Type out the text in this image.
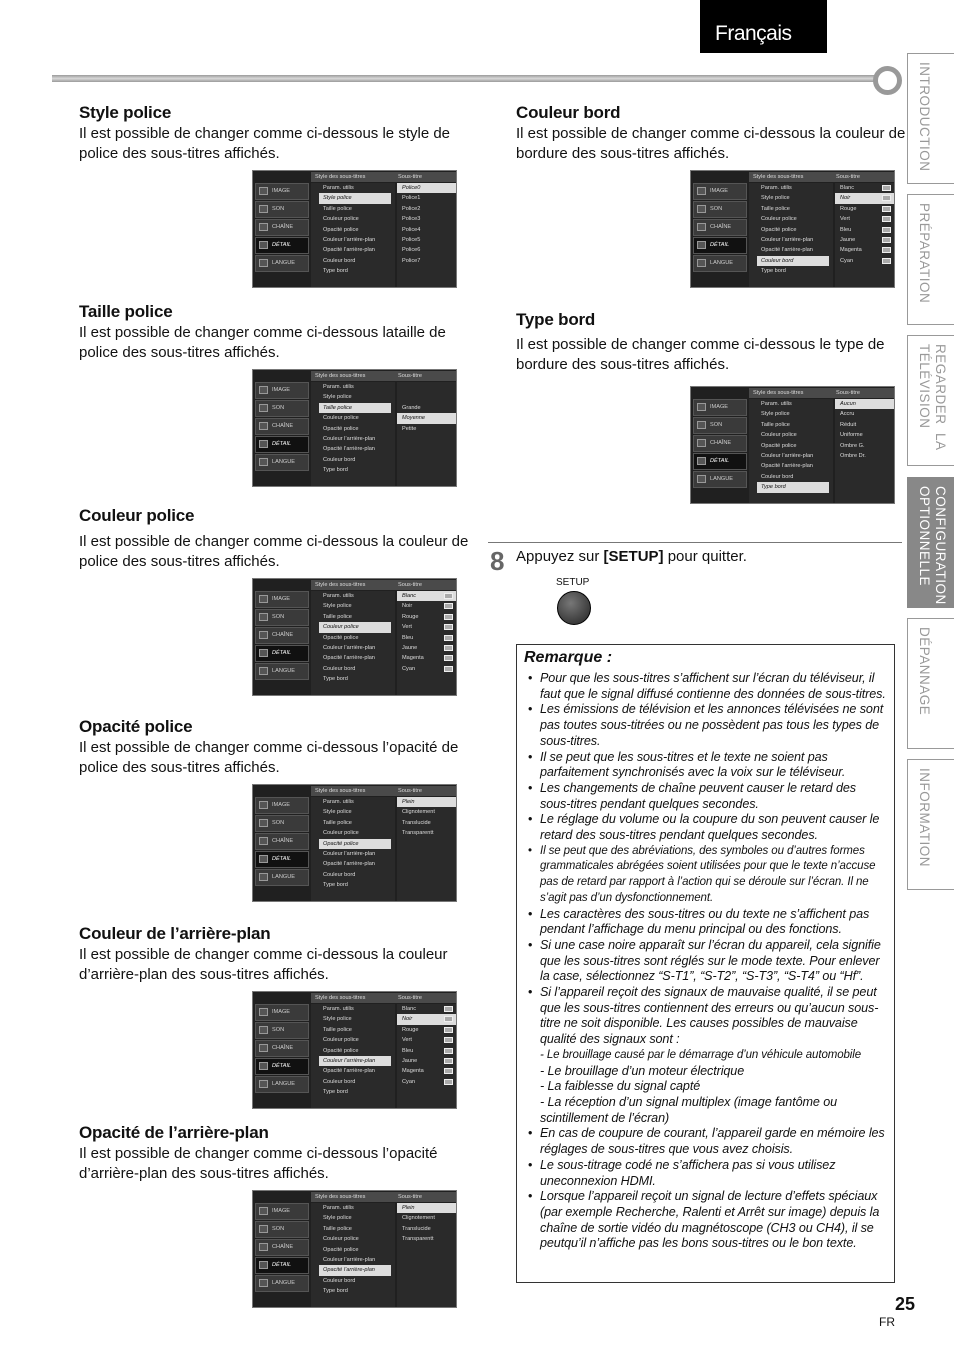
Français
INTRODUCTION
PRÉPARATION
REGARDER  LA
TÉLÉVISION
CONFIGURATION
OPTIONNELLE
DÉPANNAGE
INFORMATION
Style police
Il est possible de changer comme ci-dessous le style de police des sous-titres affichés.
Style des sous-titres	Sous-titre
IMAGE
SON
CHAÎNE
DÉTAIL
LANGUE
Param. utilis
Style police
Taille police
Couleur police
Opacité police
Couleur l’arrière-plan
Opacité l’arrière-plan
Couleur bord
Type bord
Police0
Police1
Police2
Police3
Police4
Police5
Police6
Police7
Taille police
Il est possible de changer comme ci-dessous lataille de police des sous-titres affichés.
Style des sous-titres	Sous-titre
IMAGE
SON
CHAÎNE
DÉTAIL
LANGUE
Param. utilis
Style police
Taille police
Couleur police
Opacité police
Couleur l’arrière-plan
Opacité l’arrière-plan
Couleur bord
Type bord
Grande
Moyenne
Petite
Couleur police
Il est possible de changer comme ci-dessous la couleur de police des sous-titres affichés.
Style des sous-titres	Sous-titre
IMAGE
SON
CHAÎNE
DÉTAIL
LANGUE
Param. utilis
Style police
Taille police
Couleur police
Opacité police
Couleur l’arrière-plan
Opacité l’arrière-plan
Couleur bord
Type bord
Blanc
Noir
Rouge
Vert
Bleu
Jaune
Magenta
Cyan
Opacité police
Il est possible de changer comme ci-dessous l’opacité de police des sous-titres affichés.
Style des sous-titres	Sous-titre
IMAGE
SON
CHAÎNE
DÉTAIL
LANGUE
Param. utilis
Style police
Taille police
Couleur police
Opacité police
Couleur l’arrière-plan
Opacité l’arrière-plan
Couleur bord
Type bord
Plein
Clignotement
Translucide
Transparentt
Couleur de l’arrière-plan
Il est possible de changer comme ci-dessous la couleur d’arrière-plan des sous-titres affichés.
Style des sous-titres	Sous-titre
IMAGE
SON
CHAÎNE
DÉTAIL
LANGUE
Param. utilis
Style police
Taille police
Couleur police
Opacité police
Couleur l’arrière-plan
Opacité l’arrière-plan
Couleur bord
Type bord
Blanc
Noir
Rouge
Vert
Bleu
Jaune
Magenta
Cyan
Opacité de l’arrière-plan
Il est possible de changer comme ci-dessous l’opacité d’arrière-plan des sous-titres affichés.
Style des sous-titres	Sous-titre
IMAGE
SON
CHAÎNE
DÉTAIL
LANGUE
Param. utilis
Style police
Taille police
Couleur police
Opacité police
Couleur l’arrière-plan
Opacité l’arrière-plan
Couleur bord
Type bord
Plein
Clignotement
Translucide
Transparentt
Couleur bord
Il est possible de changer comme ci-dessous la couleur de bordure des sous-titres affichés.
Style des sous-titres	Sous-titre
IMAGE
SON
CHAÎNE
DÉTAIL
LANGUE
Param. utilis
Style police
Taille police
Couleur police
Opacité police
Couleur l’arrière-plan
Opacité l’arrière-plan
Couleur bord
Type bord
Blanc
Noir
Rouge
Vert
Bleu
Jaune
Magenta
Cyan
Type bord
Il est possible de changer comme ci-dessous le type de bordure des sous-titres affichés.
Style des sous-titres	Sous-titre
IMAGE
SON
CHAÎNE
DÉTAIL
LANGUE
Param. utilis
Style police
Taille police
Couleur police
Opacité police
Couleur l’arrière-plan
Opacité l’arrière-plan
Couleur bord
Type bord
Aucun
Accru
Réduit
Uniforme
Ombre G.
Ombre Dr.
8 Appuyez sur [SETUP] pour quitter.
SETUP
Remarque :
• Pour que les sous-titres s’affichent sur l’écran du téléviseur, il faut que le signal diffusé contienne des données de sous-titres.
• Les émissions de télévision et les annonces télévisées ne sont pas toutes sous-titrées ou ne possèdent pas tous les types de sous-titres.
• Il se peut que les sous-titres et le texte ne soient pas parfaitement synchronisés avec la voix sur le téléviseur.
• Les changements de chaîne peuvent causer le retard des sous-titres pendant quelques secondes.
• Le réglage du volume ou la coupure du son peuvent causer le retard des sous-titres pendant quelques secondes.
• Il se peut que des abréviations, des symboles ou d’autres formes grammaticales abrégées soient utilisées pour que le texte n’accuse pas de retard par rapport à l’action qui se déroule sur l’écran. Il ne s’agit pas d’un dysfonctionnement.
• Les caractères des sous-titres ou du texte ne s’affichent pas pendant l’affichage du menu principal ou des fonctions.
• Si une case noire apparaît sur l’écran du appareil, cela signifie que les sous-titres sont réglés sur le mode texte. Pour enlever la case, sélectionnez “S-T1”, “S-T2”, “S-T3”, “S-T4” ou “Hf”.
• Si l’appareil reçoit des signaux de mauvaise qualité, il se peut que les sous-titres contiennent des erreurs ou qu’aucun sous-titre ne soit disponible. Les causes possibles de mauvaise qualité des signaux sont :
- Le brouillage causé par le démarrage d’un véhicule automobile
- Le brouillage d’un moteur électrique
- La faiblesse du signal capté
- La réception d’un signal multiplex (image fantôme ou scintillement de l’écran)
• En cas de coupure de courant, l’appareil garde en mémoire les réglages de sous-titres que vous avez choisis.
• Le sous-titrage codé ne s’affichera pas si vous utilisez uneconnexion HDMI.
• Lorsque l’appareil reçoit un signal de lecture d’effets spéciaux (par exemple Recherche, Ralenti et Arrêt sur image) depuis la chaîne de sortie vidéo du magnétoscope (CH3 ou CH4), il se peutqu’il n’affiche pas les bons sous-titres ou le bon texte.
25
FR
